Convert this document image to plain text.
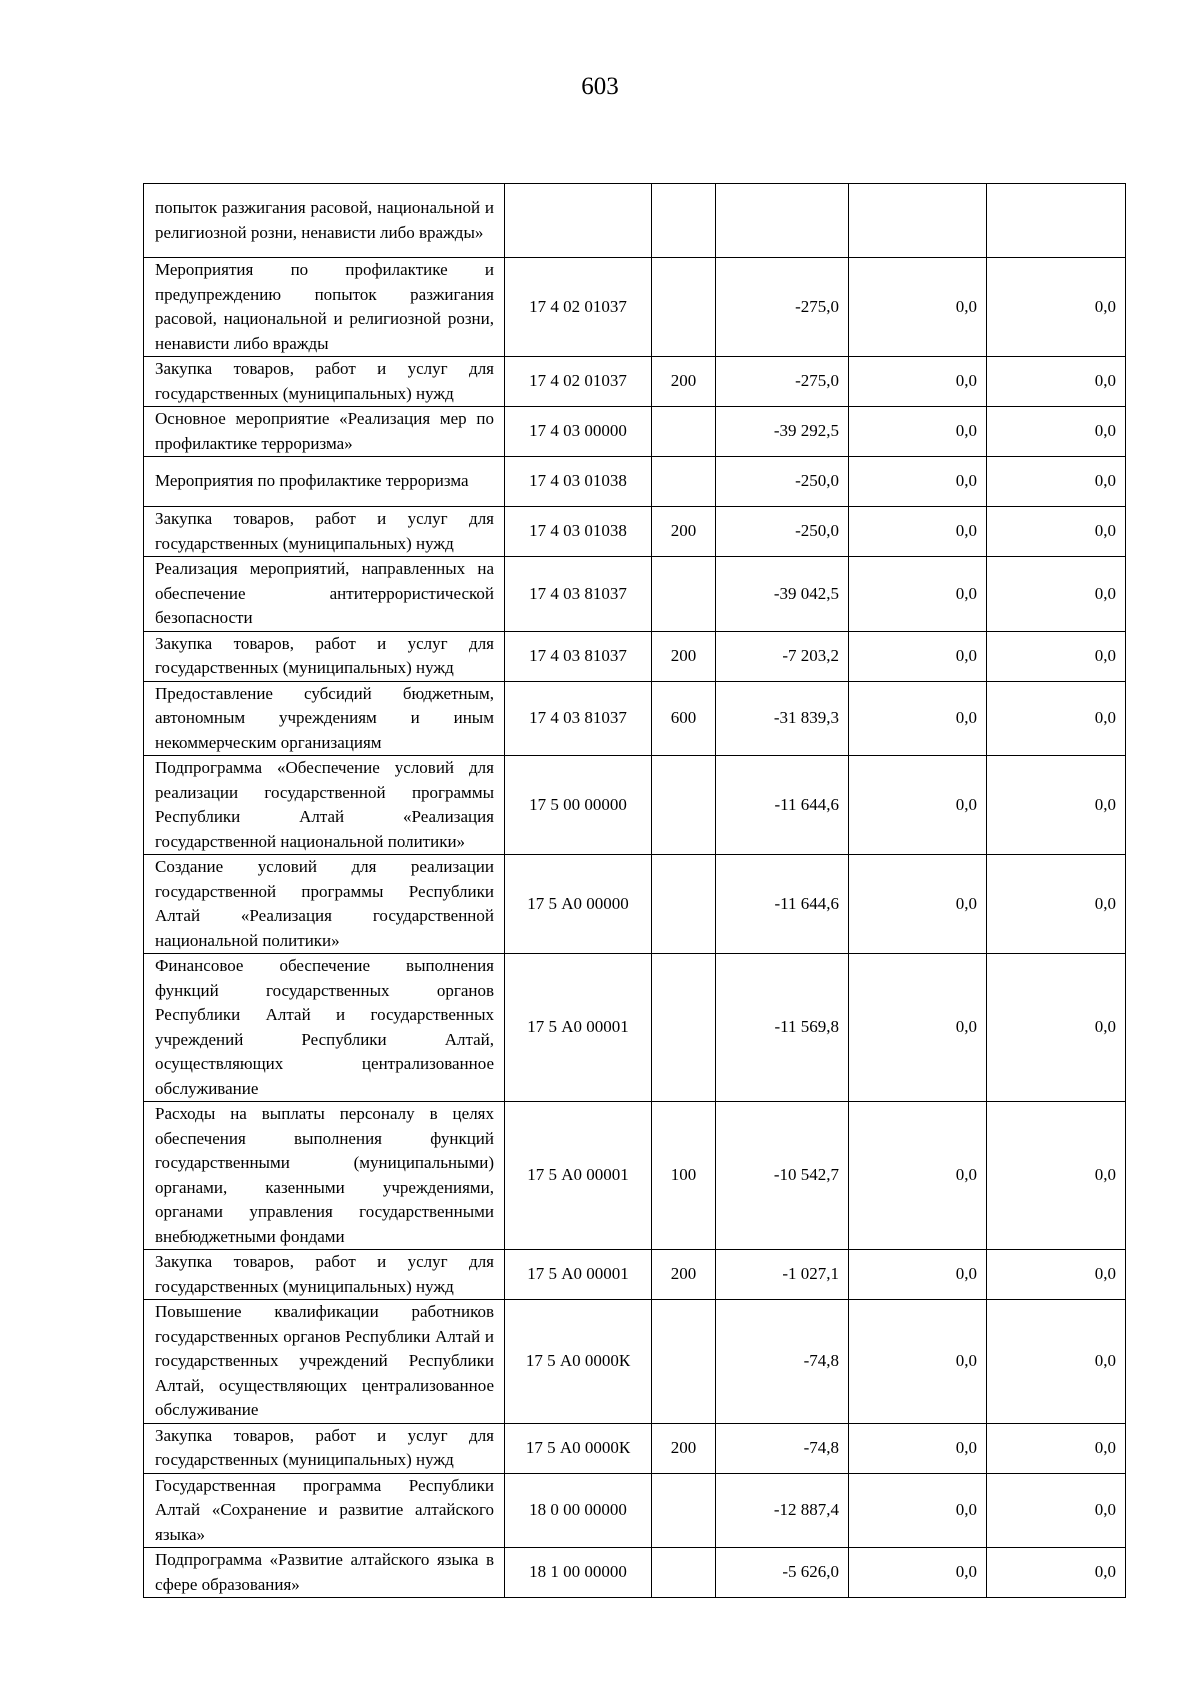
603
попыток разжигания расовой, национальной и религиозной розни, ненависти либо вражды»					
Мероприятия по профилактике и предупреждению попыток разжигания расовой, национальной и религиозной розни, ненависти либо вражды	17 4 02 01037		-275,0	0,0	0,0
Закупка товаров, работ и услуг для государственных (муниципальных) нужд	17 4 02 01037	200	-275,0	0,0	0,0
Основное мероприятие «Реализация мер по профилактике терроризма»	17 4 03 00000		-39 292,5	0,0	0,0
Мероприятия по профилактике терроризма	17 4 03 01038		-250,0	0,0	0,0
Закупка товаров, работ и услуг для государственных (муниципальных) нужд	17 4 03 01038	200	-250,0	0,0	0,0
Реализация мероприятий, направленных на обеспечение антитеррористической безопасности	17 4 03 81037		-39 042,5	0,0	0,0
Закупка товаров, работ и услуг для государственных (муниципальных) нужд	17 4 03 81037	200	-7 203,2	0,0	0,0
Предоставление субсидий бюджетным, автономным учреждениям и иным некоммерческим организациям	17 4 03 81037	600	-31 839,3	0,0	0,0
Подпрограмма «Обеспечение условий для реализации государственной программы Республики Алтай «Реализация государственной национальной политики»	17 5 00 00000		-11 644,6	0,0	0,0
Создание условий для реализации государственной программы Республики Алтай «Реализация государственной национальной политики»	17 5 А0 00000		-11 644,6	0,0	0,0
Финансовое обеспечение выполнения функций государственных органов Республики Алтай и государственных учреждений Республики Алтай, осуществляющих централизованное обслуживание	17 5 А0 00001		-11 569,8	0,0	0,0
Расходы на выплаты персоналу в целях обеспечения выполнения функций государственными (муниципальными) органами, казенными учреждениями, органами управления государственными внебюджетными фондами	17 5 А0 00001	100	-10 542,7	0,0	0,0
Закупка товаров, работ и услуг для государственных (муниципальных) нужд	17 5 А0 00001	200	-1 027,1	0,0	0,0
Повышение квалификации работников государственных органов Республики Алтай и государственных учреждений Республики Алтай, осуществляющих централизованное обслуживание	17 5 А0 0000К		-74,8	0,0	0,0
Закупка товаров, работ и услуг для государственных (муниципальных) нужд	17 5 А0 0000К	200	-74,8	0,0	0,0
Государственная программа Республики Алтай «Сохранение и развитие алтайского языка»	18 0 00 00000		-12 887,4	0,0	0,0
Подпрограмма «Развитие алтайского языка в сфере образования»	18 1 00 00000		-5 626,0	0,0	0,0
